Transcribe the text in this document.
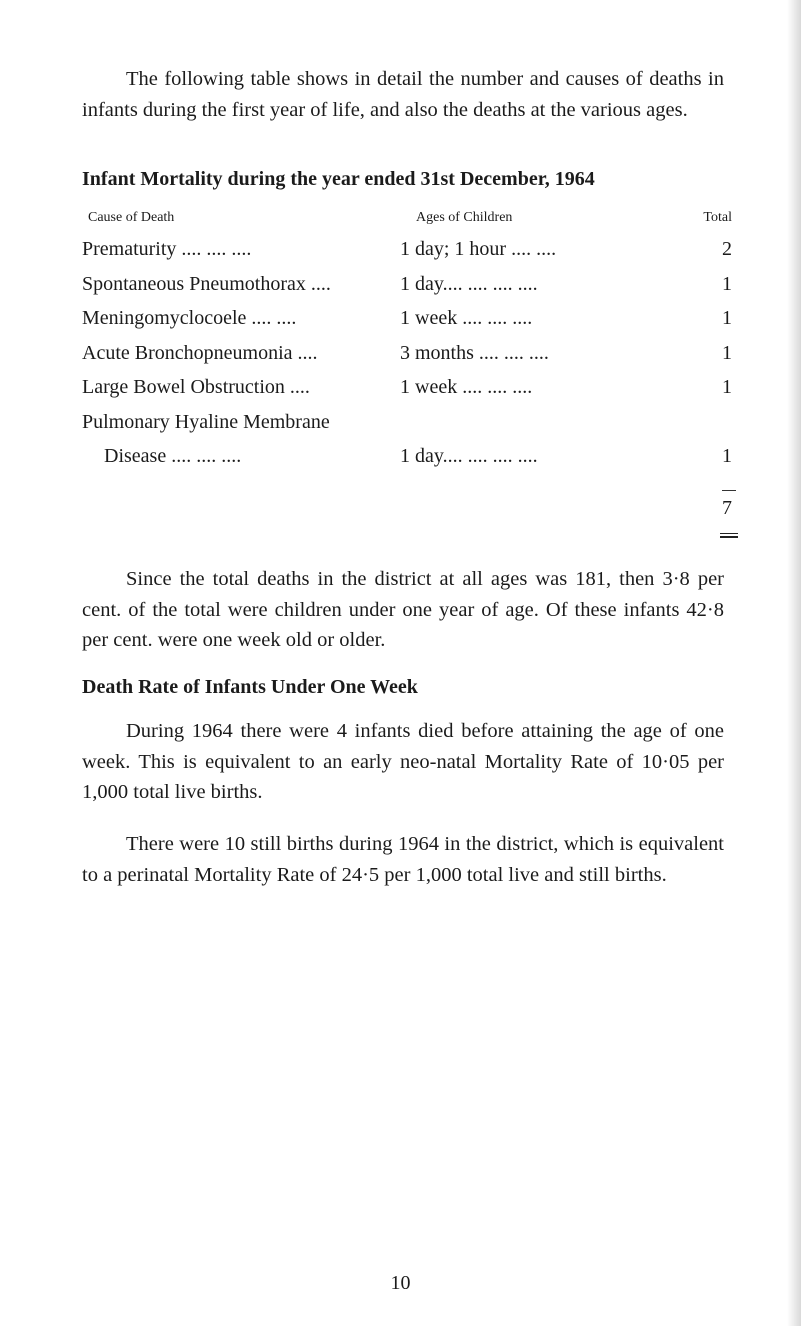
The following table shows in detail the number and causes of deaths in infants during the first year of life, and also the deaths at the various ages.

Infant Mortality during the year ended 31st December, 1964

Cause of Death	Ages of Children	Total
Prematurity .... .... ....	1 day; 1 hour .... ....	2
Spontaneous Pneumothorax ....	1 day.... .... .... ....	1
Meningomyclocoele .... ....	1 week .... .... ....	1
Acute Bronchopneumonia ....	3 months .... .... ....	1
Large Bowel Obstruction ....	1 week .... .... ....	1
Pulmonary Hyaline Membrane
Disease .... .... ....	1 day.... .... .... ....	1
7

Since the total deaths in the district at all ages was 181, then 3·8 per cent. of the total were children under one year of age. Of these infants 42·8 per cent. were one week old or older.

Death Rate of Infants Under One Week

During 1964 there were 4 infants died before attaining the age of one week. This is equivalent to an early neo-natal Mortality Rate of 10·05 per 1,000 total live births.

There were 10 still births during 1964 in the district, which is equivalent to a perinatal Mortality Rate of 24·5 per 1,000 total live and still births.

10
